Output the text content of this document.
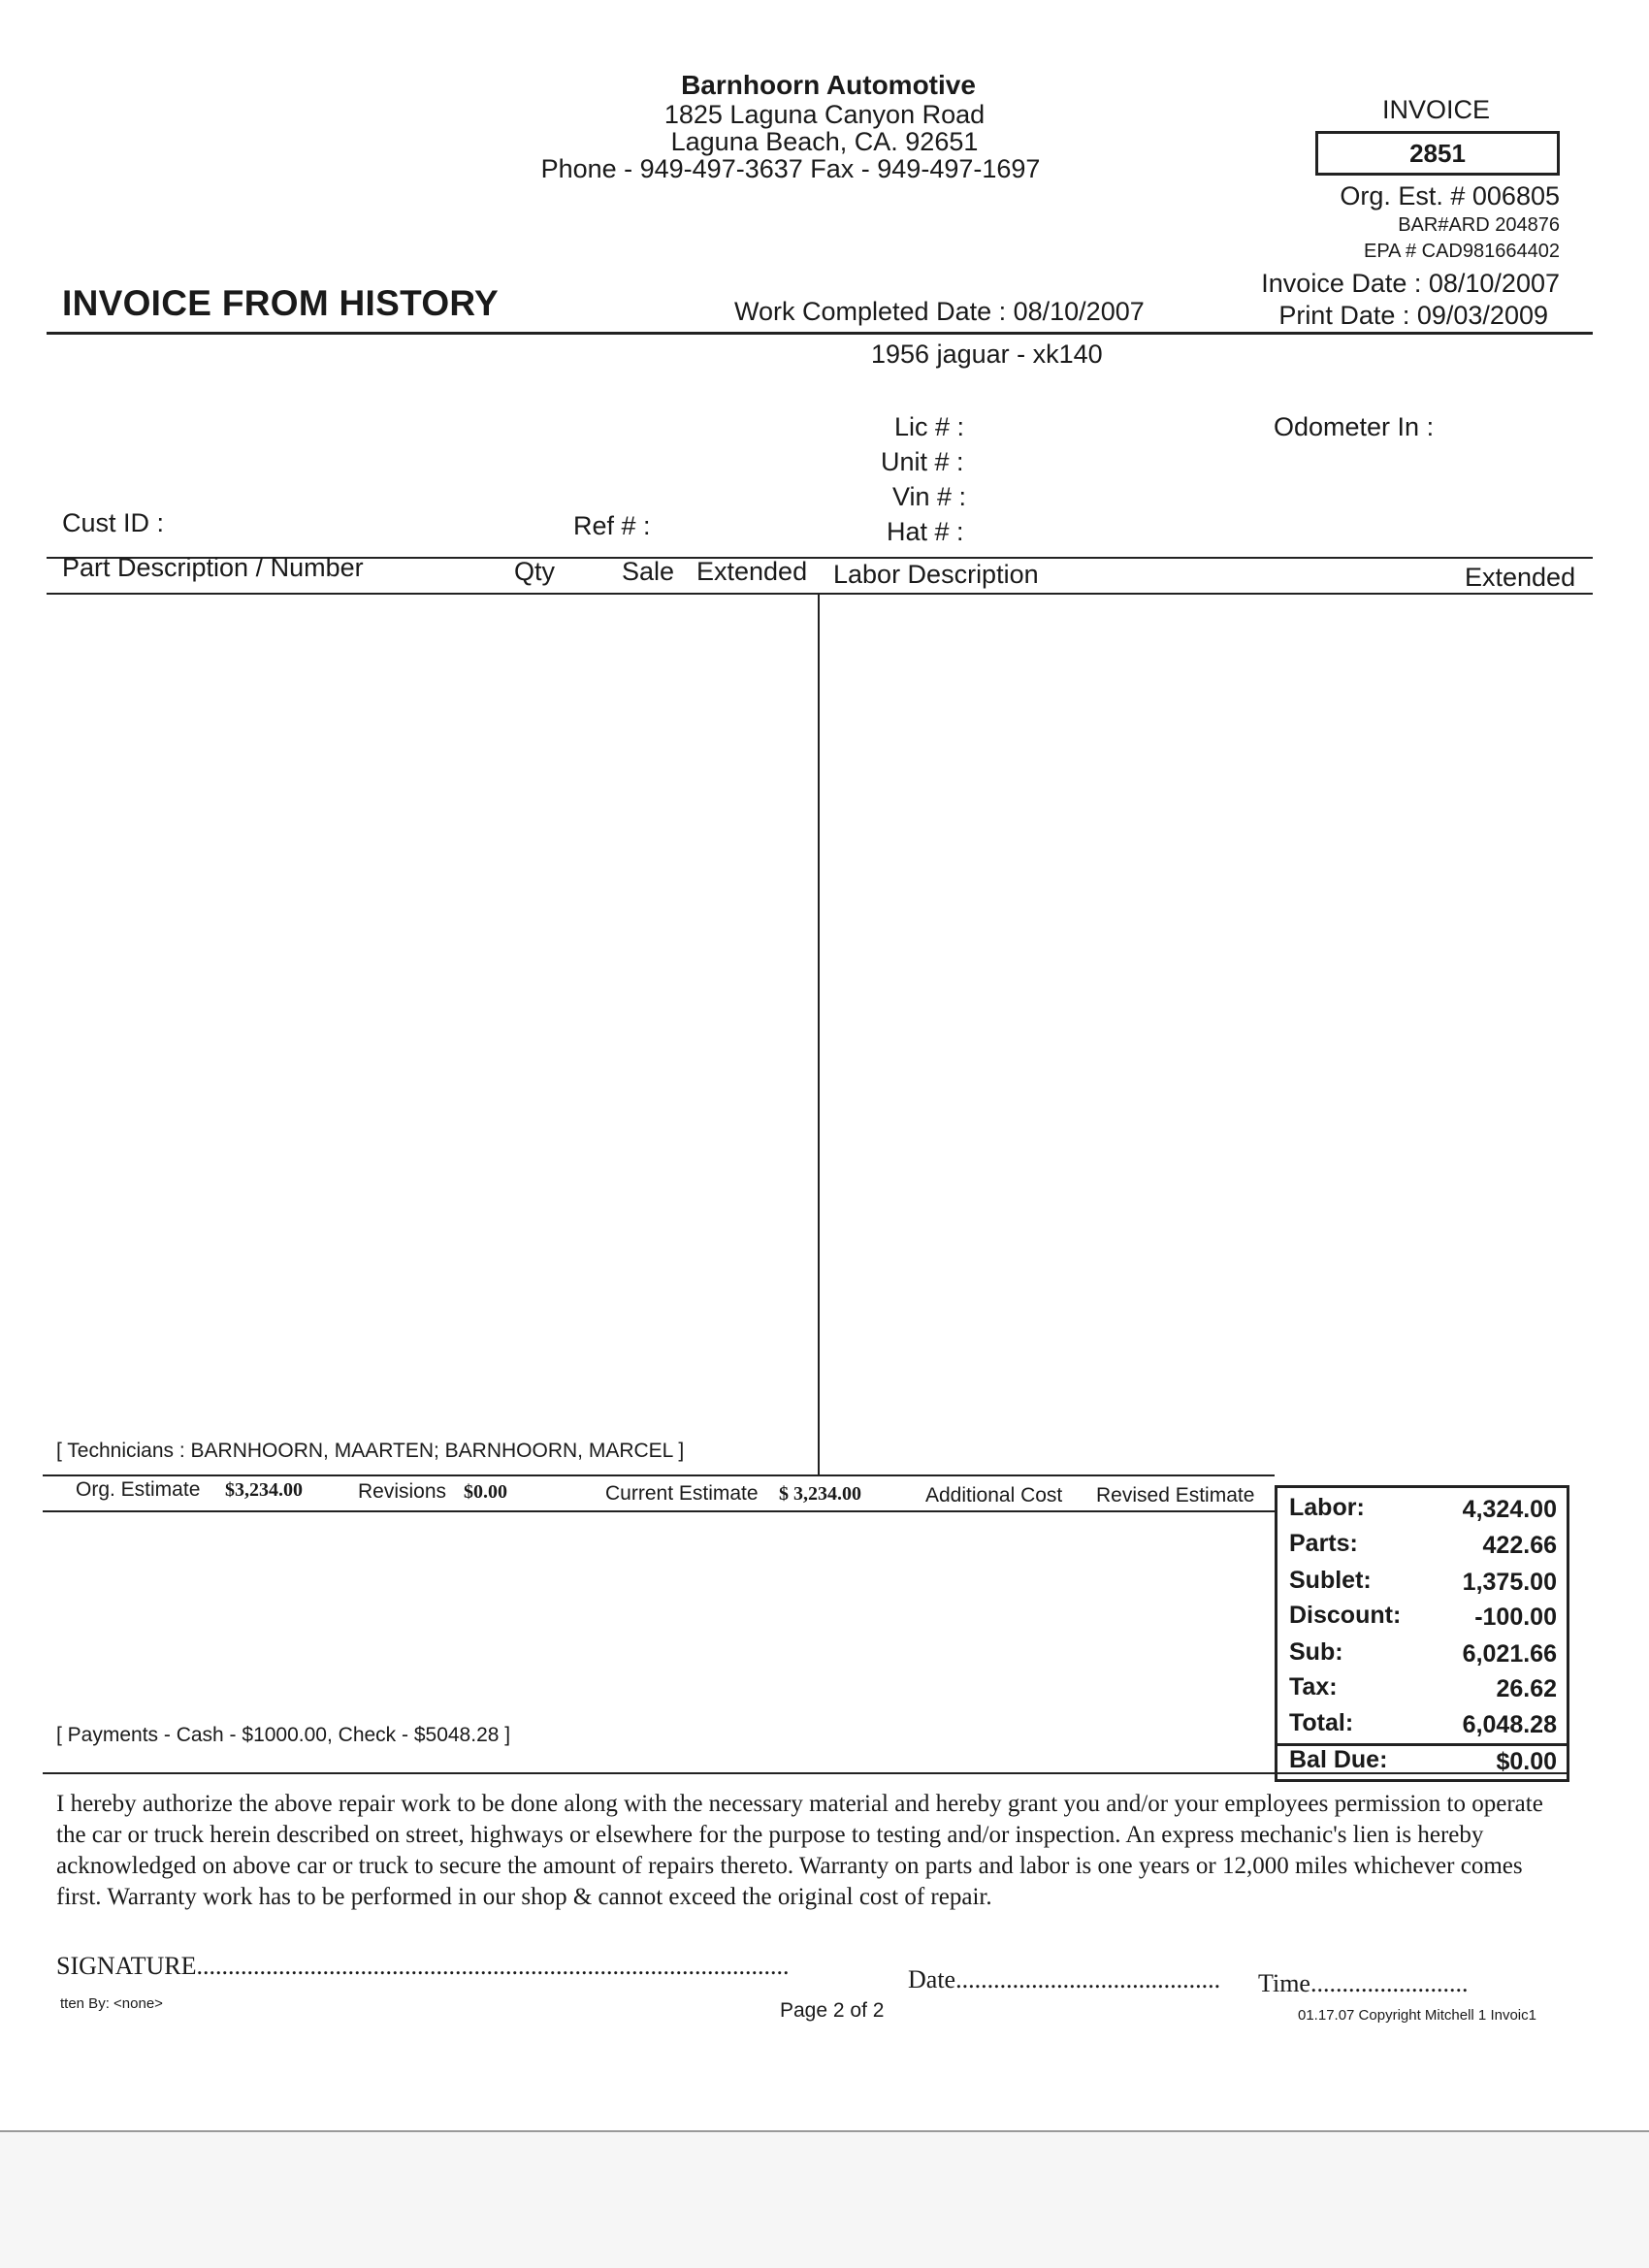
Barnhoorn Automotive
1825 Laguna Canyon Road
Laguna Beach, CA. 92651
Phone - 949-497-3637 Fax - 949-497-1697
INVOICE
2851
Org. Est. # 006805
BAR#ARD 204876
EPA # CAD981664402
Invoice Date : 08/10/2007
Print Date : 09/03/2009
INVOICE FROM HISTORY	Work Completed Date : 08/10/2007
1956 jaguar - xk140
Lic # :
Unit # :
Vin # :
Hat # :
Odometer In :
Cust ID :	Ref # :
Part Description / Number	Qty	Sale Extended Labor Description	Extended
[ Technicians : BARNHOORN, MAARTEN; BARNHOORN, MARCEL ]
Org. Estimate $3,234.00	Revisions $0.00	Current Estimate $ 3,234.00	Additional Cost Revised Estimate
[ Payments - Cash - $1000.00, Check - $5048.28 ]
Labor:	4,324.00
Parts:	422.66
Sublet:	1,375.00
Discount:	-100.00
Sub:	6,021.66
Tax:	26.62
Total:	6,048.28
Bal Due:	$0.00
I hereby authorize the above repair work to be done along with the necessary material and hereby grant you and/or your employees permission to operate the car or truck herein described on street, highways or elsewhere for the purpose to testing and/or inspection. An express mechanic's lien is hereby acknowledged on above car or truck to secure the amount of repairs thereto. Warranty on parts and labor is one years or 12,000 miles whichever comes first. Warranty work has to be performed in our shop & cannot exceed the original cost of repair.
SIGNATURE..............................................................................................	Date.......................................... Time.........................
tten By: <none>	Page 2 of 2	01.17.07 Copyright Mitchell 1 Invoic1
